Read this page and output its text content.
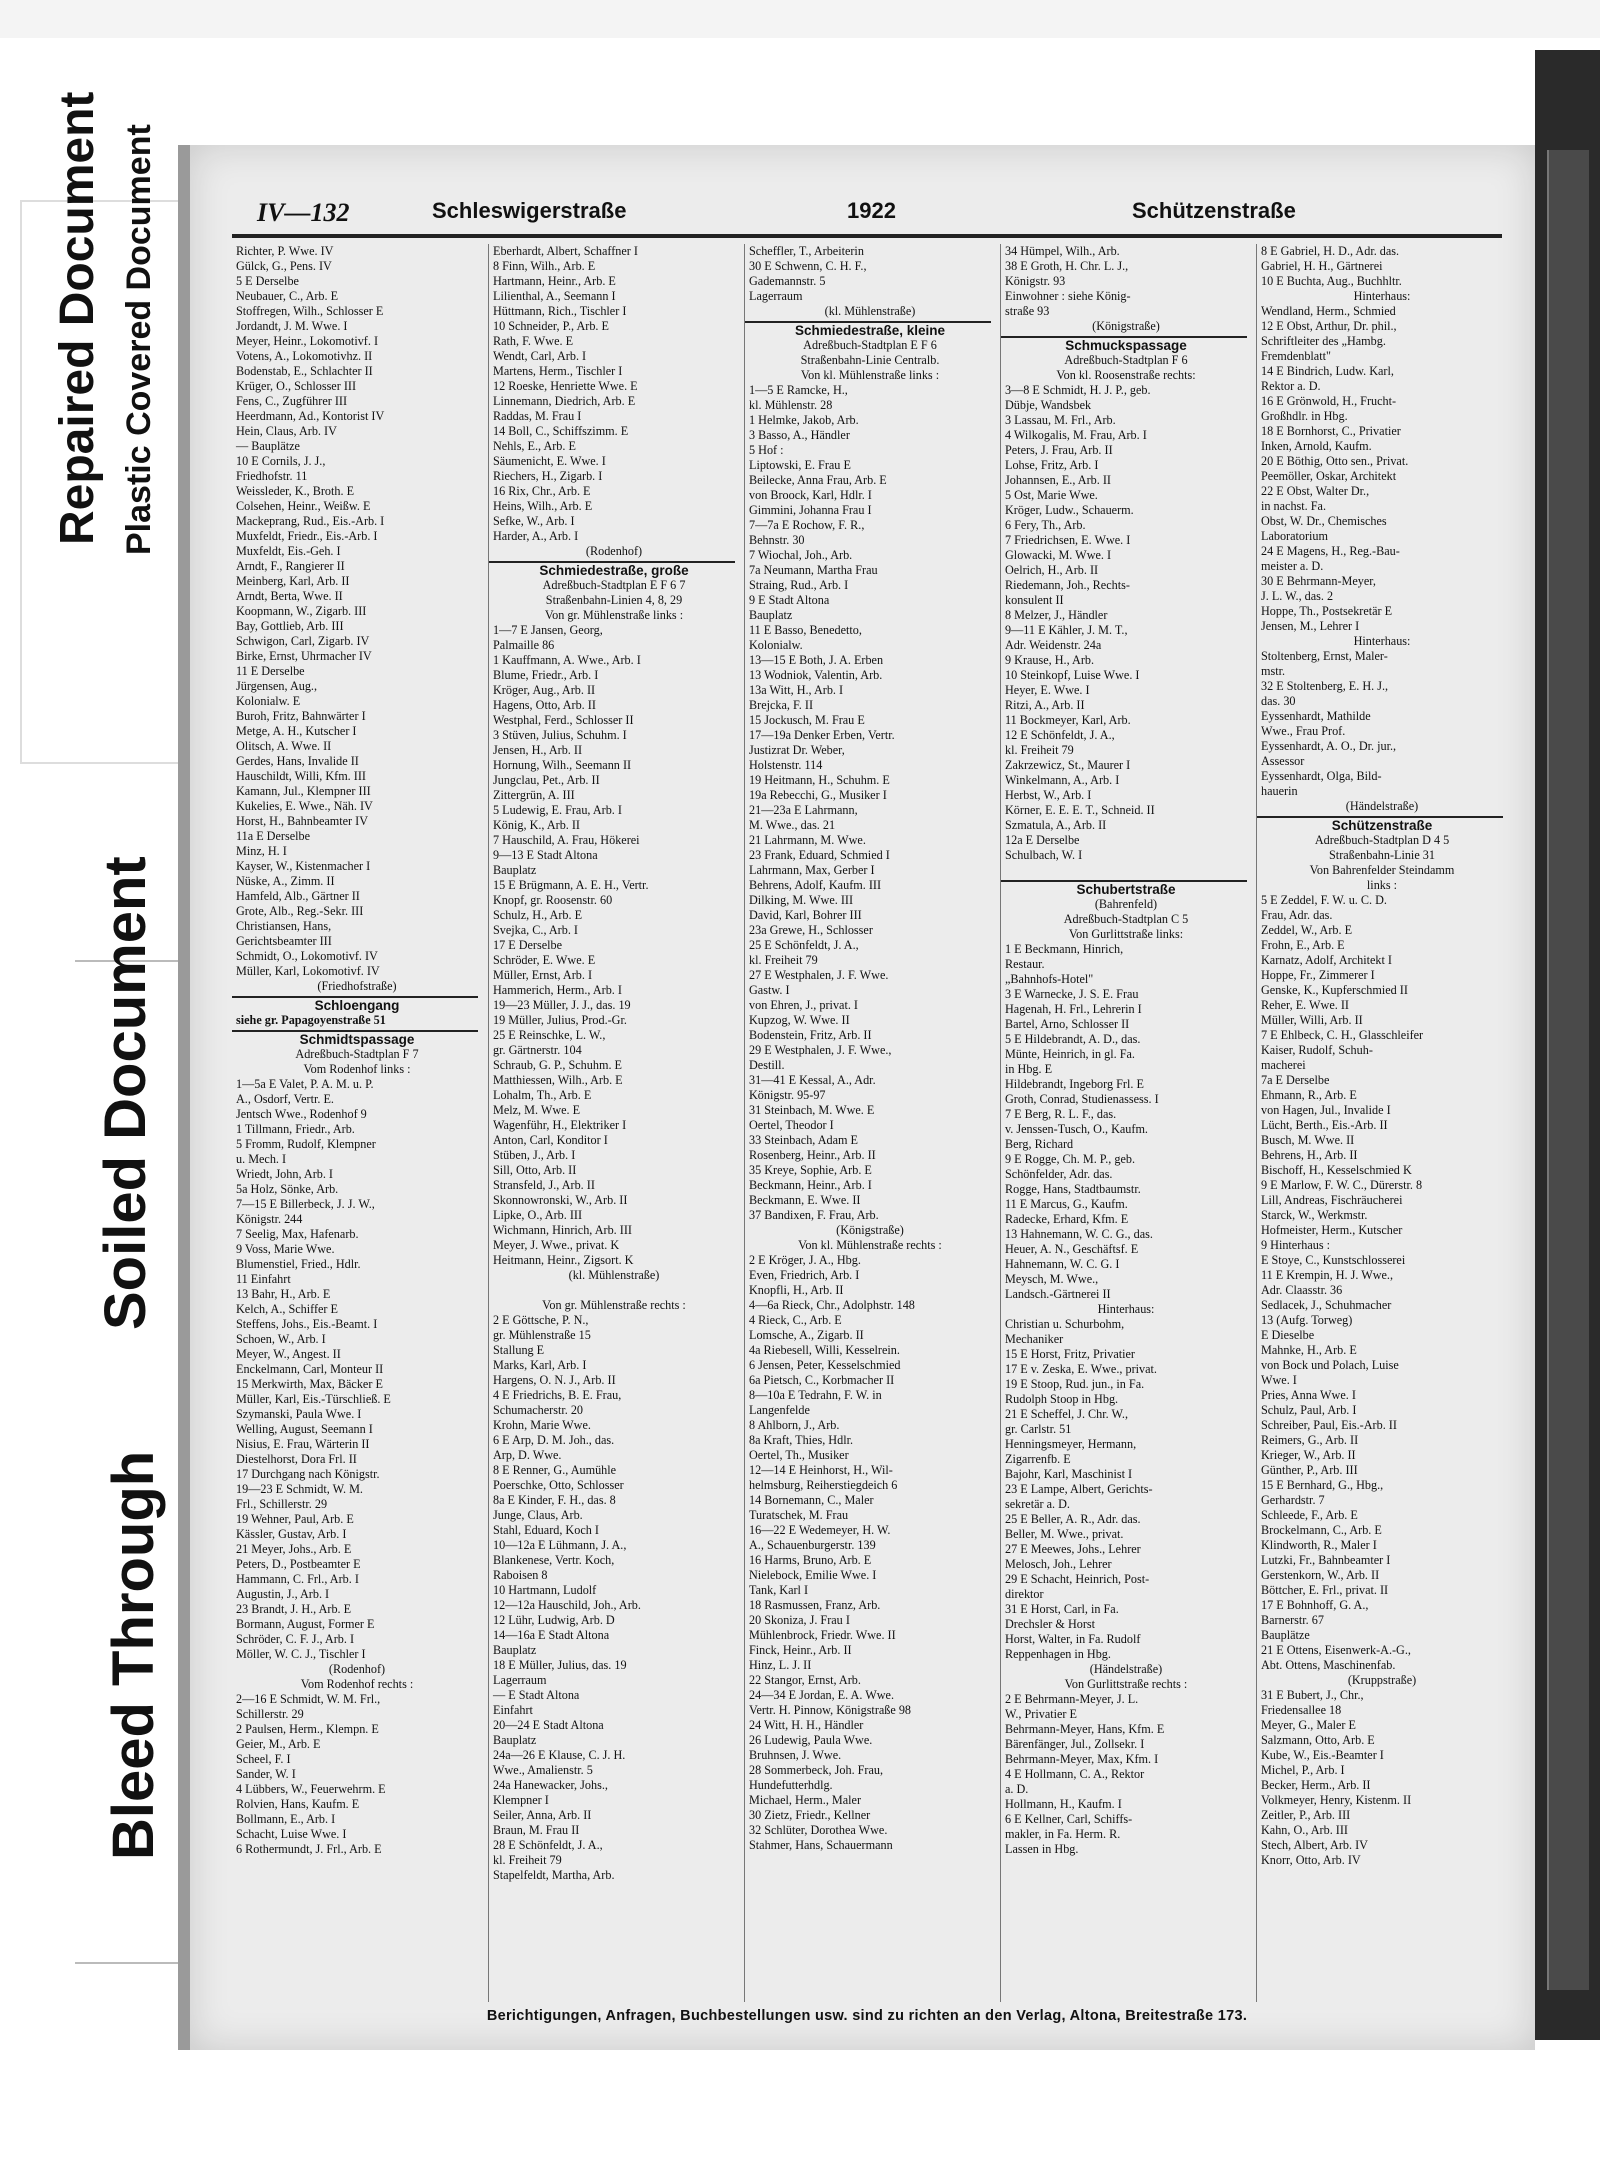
Repaired Document Plastic Covered Document
Soiled Document
Bleed Through
IV—132	Schleswigerstraße	1922	Schützenstraße
Richter, P. Wwe. IV
Gülck, G., Pens. IV
5 E Derselbe
Neubauer, C., Arb. E
Stoffregen, Wilh., Schlosser E
Jordandt, J. M. Wwe. I
Meyer, Heinr., Lokomotivf. I
Votens, A., Lokomotivhz. II
Bodenstab, E., Schlachter II
Krüger, O., Schlosser III
Fens, C., Zugführer III
Heerdmann, Ad., Kontorist IV
Hein, Claus, Arb. IV
— Bauplätze
10 E Cornils, J. J.,
Friedhofstr. 11
Weissleder, K., Broth. E
Colsehen, Heinr., Weißw. E
Mackeprang, Rud., Eis.-Arb. I
Muxfeldt, Friedr., Eis.-Arb. I
Muxfeldt, Eis.-Geh. I
Arndt, F., Rangierer II
Meinberg, Karl, Arb. II
Arndt, Berta, Wwe. II
Koopmann, W., Zigarb. III
Bay, Gottlieb, Arb. III
Schwigon, Carl, Zigarb. IV
Birke, Ernst, Uhrmacher IV
11 E Derselbe
Jürgensen, Aug.,
Kolonialw. E
Buroh, Fritz, Bahnwärter I
Metge, A. H., Kutscher I
Olitsch, A. Wwe. II
Gerdes, Hans, Invalide II
Hauschildt, Willi, Kfm. III
Kamann, Jul., Klempner III
Kukelies, E. Wwe., Näh. IV
Horst, H., Bahnbeamter IV
11a E Derselbe
Minz, H. I
Kayser, W., Kistenmacher I
Nüske, A., Zimm. II
Hamfeld, Alb., Gärtner II
Grote, Alb., Reg.-Sekr. III
Christiansen, Hans,
Gerichtsbeamter III
Schmidt, O., Lokomotivf. IV
Müller, Karl, Lokomotivf. IV
(Friedhofstraße)
Schloengang
siehe gr. Papagoyenstraße 51
Schmidtspassage
Adreßbuch-Stadtplan F 7
Vom Rodenhof links :
1—5a E Valet, P. A. M. u. P.
A., Osdorf, Vertr. E.
Jentsch Wwe., Rodenhof 9
1 Tillmann, Friedr., Arb.
5 Fromm, Rudolf, Klempner
u. Mech. I
Wriedt, John, Arb. I
5a Holz, Sönke, Arb.
7—15 E Billerbeck, J. J. W.,
Königstr. 244
7 Seelig, Max, Hafenarb.
9 Voss, Marie Wwe.
Blumenstiel, Fried., Hdlr.
11 Einfahrt
13 Bahr, H., Arb. E
Kelch, A., Schiffer E
Steffens, Johs., Eis.-Beamt. I
Schoen, W., Arb. I
Meyer, W., Angest. II
Enckelmann, Carl, Monteur II
15 Merkwirth, Max, Bäcker E
Müller, Karl, Eis.-Türschließ. E
Szymanski, Paula Wwe. I
Welling, August, Seemann I
Nisius, E. Frau, Wärterin II
Diestelhorst, Dora Frl. II
17 Durchgang nach Königstr.
19—23 E Schmidt, W. M.
Frl., Schillerstr. 29
19 Wehner, Paul, Arb. E
Kässler, Gustav, Arb. I
21 Meyer, Johs., Arb. E
Peters, D., Postbeamter E
Hammann, C. Frl., Arb. I
Augustin, J., Arb. I
23 Brandt, J. H., Arb. E
Bormann, August, Former E
Schröder, C. F. J., Arb. I
Möller, W. C. J., Tischler I
(Rodenhof)
Vom Rodenhof rechts :
2—16 E Schmidt, W. M. Frl.,
Schillerstr. 29
2 Paulsen, Herm., Klempn. E
Geier, M., Arb. E
Scheel, F. I
Sander, W. I
4 Lübbers, W., Feuerwehrm. E
Rolvien, Hans, Kaufm. E
Bollmann, E., Arb. I
Schacht, Luise Wwe. I
6 Rothermundt, J. Frl., Arb. E
Eberhardt, Albert, Schaffner I
8 Finn, Wilh., Arb. E
Hartmann, Heinr., Arb. E
Lilienthal, A., Seemann I
Hüttmann, Rich., Tischler I
10 Schneider, P., Arb. E
Rath, F. Wwe. E
Wendt, Carl, Arb. I
Martens, Herm., Tischler I
12 Roeske, Henriette Wwe. E
Linnemann, Diedrich, Arb. E
Raddas, M. Frau I
14 Boll, C., Schiffszimm. E
Nehls, E., Arb. E
Säumenicht, E. Wwe. I
Riechers, H., Zigarb. I
16 Rix, Chr., Arb. E
Heins, Wilh., Arb. E
Sefke, W., Arb. I
Harder, A., Arb. I
(Rodenhof)
Schmiedestraße, große
Adreßbuch-Stadtplan E F 6 7
Straßenbahn-Linien 4, 8, 29
Von gr. Mühlenstraße links :
1—7 E Jansen, Georg,
Palmaille 86
1 Kauffmann, A. Wwe., Arb. I
Blume, Friedr., Arb. I
Kröger, Aug., Arb. II
Hagens, Otto, Arb. II
Westphal, Ferd., Schlosser II
3 Stüven, Julius, Schuhm. I
Jensen, H., Arb. II
Hornung, Wilh., Seemann II
Jungclau, Pet., Arb. II
Zittergrün, A. III
5 Ludewig, E. Frau, Arb. I
König, K., Arb. II
7 Hauschild, A. Frau, Hökerei
9—13 E Stadt Altona
Bauplatz
15 E Brügmann, A. E. H., Vertr.
Knopf, gr. Roosenstr. 60
Schulz, H., Arb. E
Svejka, C., Arb. I
17 E Derselbe
Schröder, E. Wwe. E
Müller, Ernst, Arb. I
Hammerich, Herm., Arb. I
19—23 Müller, J. J., das. 19
19 Müller, Julius, Prod.-Gr.
25 E Reinschke, L. W.,
gr. Gärtnerstr. 104
Schraub, G. P., Schuhm. E
Matthiessen, Wilh., Arb. E
Lohalm, Th., Arb. E
Melz, M. Wwe. E
Wagenführ, H., Elektriker I
Anton, Carl, Konditor I
Stüben, J., Arb. I
Sill, Otto, Arb. II
Stransfeld, J., Arb. II
Skonnowronski, W., Arb. II
Lipke, O., Arb. III
Wichmann, Hinrich, Arb. III
Meyer, J. Wwe., privat. K
Heitmann, Heinr., Zigsort. K
(kl. Mühlenstraße)
Von gr. Mühlenstraße rechts :
2 E Göttsche, P. N.,
gr. Mühlenstraße 15
Stallung E
Marks, Karl, Arb. I
Hargens, O. N. J., Arb. II
4 E Friedrichs, B. E. Frau,
Schumacherstr. 20
Krohn, Marie Wwe.
6 E Arp, D. M. Joh., das.
Arp, D. Wwe.
8 E Renner, G., Aumühle
Poerschke, Otto, Schlosser
8a E Kinder, F. H., das. 8
Junge, Claus, Arb.
Stahl, Eduard, Koch I
10—12a E Lühmann, J. A.,
Blankenese, Vertr. Koch,
Raboisen 8
10 Hartmann, Ludolf
12—12a Hauschild, Joh., Arb.
12 Lühr, Ludwig, Arb. D
14—16a E Stadt Altona
Bauplatz
18 E Müller, Julius, das. 19
Lagerraum
— E Stadt Altona
Einfahrt
20—24 E Stadt Altona
Bauplatz
24a—26 E Klause, C. J. H.
Wwe., Amalienstr. 5
24a Hanewacker, Johs.,
Klempner I
Seiler, Anna, Arb. II
Braun, M. Frau II
28 E Schönfeldt, J. A.,
kl. Freiheit 79
Stapelfeldt, Martha, Arb.
Scheffler, T., Arbeiterin
30 E Schwenn, C. H. F.,
Gademannstr. 5
Lagerraum
(kl. Mühlenstraße)
Schmiedestraße, kleine
Adreßbuch-Stadtplan E F 6
Straßenbahn-Linie Centralb.
Von kl. Mühlenstraße links :
1—5 E Ramcke, H.,
kl. Mühlenstr. 28
1 Helmke, Jakob, Arb.
3 Basso, A., Händler
5 Hof :
Liptowski, E. Frau E
Beilecke, Anna Frau, Arb. E
von Broock, Karl, Hdlr. I
Gimmini, Johanna Frau I
7—7a E Rochow, F. R.,
Behnstr. 30
7 Wiochal, Joh., Arb.
7a Neumann, Martha Frau
Straing, Rud., Arb. I
9 E Stadt Altona
Bauplatz
11 E Basso, Benedetto,
Kolonialw.
13—15 E Both, J. A. Erben
13 Wodniok, Valentin, Arb.
13a Witt, H., Arb. I
Brejcka, F. II
15 Jockusch, M. Frau E
17—19a Denker Erben, Vertr.
Justizrat Dr. Weber,
Holstenstr. 114
19 Heitmann, H., Schuhm. E
19a Rebecchi, G., Musiker I
21—23a E Lahrmann,
M. Wwe., das. 21
21 Lahrmann, M. Wwe.
23 Frank, Eduard, Schmied I
Lahrmann, Max, Gerber I
Behrens, Adolf, Kaufm. III
Dilking, M. Wwe. III
David, Karl, Bohrer III
23a Grewe, H., Schlosser
25 E Schönfeldt, J. A.,
kl. Freiheit 79
27 E Westphalen, J. F. Wwe.
Gastw. I
von Ehren, J., privat. I
Kupzog, W. Wwe. II
Bodenstein, Fritz, Arb. II
29 E Westphalen, J. F. Wwe.,
Destill.
31—41 E Kessal, A., Adr.
Königstr. 95-97
31 Steinbach, M. Wwe. E
Oertel, Theodor I
33 Steinbach, Adam E
Rosenberg, Heinr., Arb. II
35 Kreye, Sophie, Arb. E
Beckmann, Heinr., Arb. I
Beckmann, E. Wwe. II
37 Bandixen, F. Frau, Arb.
(Königstraße)
Von kl. Mühlenstraße rechts :
2 E Kröger, J. A., Hbg.
Even, Friedrich, Arb. I
Knopfli, H., Arb. II
4—6a Rieck, Chr., Adolphstr. 148
4 Rieck, C., Arb. E
Lomsche, A., Zigarb. II
4a Riebesell, Willi, Kesselrein.
6 Jensen, Peter, Kesselschmied
6a Pietsch, C., Korbmacher II
8—10a E Tedrahn, F. W. in
Langenfelde
8 Ahlborn, J., Arb.
8a Kraft, Thies, Hdlr.
Oertel, Th., Musiker
12—14 E Heinhorst, H., Wil-
helmsburg, Reiherstiegdeich 6
14 Bornemann, C., Maler
Turatschek, M. Frau
16—22 E Wedemeyer, H. W.
A., Schauenburgerstr. 139
16 Harms, Bruno, Arb. E
Nielebock, Emilie Wwe. I
Tank, Karl I
18 Rasmussen, Franz, Arb.
20 Skoniza, J. Frau I
Mühlenbrock, Friedr. Wwe. II
Finck, Heinr., Arb. II
Hinz, L. J. II
22 Stangor, Ernst, Arb.
24—34 E Jordan, E. A. Wwe.
Vertr. H. Pinnow, Königstraße 98
24 Witt, H. H., Händler
26 Ludewig, Paula Wwe.
Bruhnsen, J. Wwe.
28 Sommerbeck, Joh. Frau,
Hundefutterhdlg.
Michael, Herm., Maler
30 Zietz, Friedr., Kellner
32 Schlüter, Dorothea Wwe.
Stahmer, Hans, Schauermann
34 Hümpel, Wilh., Arb.
38 E Groth, H. Chr. L. J.,
Königstr. 93
Einwohner : siehe König-
straße 93
(Königstraße)
Schmuckspassage
Adreßbuch-Stadtplan F 6
Von kl. Roosenstraße rechts:
3—8 E Schmidt, H. J. P., geb.
Dübje, Wandsbek
3 Lassau, M. Frl., Arb.
4 Wilkogalis, M. Frau, Arb. I
Peters, J. Frau, Arb. II
Lohse, Fritz, Arb. I
Johannsen, E., Arb. II
5 Ost, Marie Wwe.
Kröger, Ludw., Schauerm.
6 Fery, Th., Arb.
7 Friedrichsen, E. Wwe. I
Glowacki, M. Wwe. I
Oelrich, H., Arb. II
Riedemann, Joh., Rechts-
konsulent II
8 Melzer, J., Händler
9—11 E Kähler, J. M. T.,
Adr. Weidenstr. 24a
9 Krause, H., Arb.
10 Steinkopf, Luise Wwe. I
Heyer, E. Wwe. I
Ritzi, A., Arb. II
11 Bockmeyer, Karl, Arb.
12 E Schönfeldt, J. A.,
kl. Freiheit 79
Zakrzewicz, St., Maurer I
Winkelmann, A., Arb. I
Herbst, W., Arb. I
Körner, E. E. E. T., Schneid. II
Szmatula, A., Arb. II
12a E Derselbe
Schulbach, W. I
Schubertstraße
(Bahrenfeld)
Adreßbuch-Stadtplan C 5
Von Gurlittstraße links:
1 E Beckmann, Hinrich,
Restaur.
„Bahnhofs-Hotel"
3 E Warnecke, J. S. E. Frau
Hagenah, H. Frl., Lehrerin I
Bartel, Arno, Schlosser II
5 E Hildebrandt, A. D., das.
Münte, Heinrich, in gl. Fa.
in Hbg. E
Hildebrandt, Ingeborg Frl. E
Groth, Conrad, Studienassess. I
7 E Berg, R. L. F., das.
v. Jenssen-Tusch, O., Kaufm.
Berg, Richard
9 E Rogge, Ch. M. P., geb.
Schönfelder, Adr. das.
Rogge, Hans, Stadtbaumstr.
11 E Marcus, G., Kaufm.
Radecke, Erhard, Kfm. E
13 Hahnemann, W. C. G., das.
Heuer, A. N., Geschäftsf. E
Hahnemann, W. C. G. I
Meysch, M. Wwe.,
Landsch.-Gärtnerei II
Hinterhaus:
Christian u. Schurbohm,
Mechaniker
15 E Horst, Fritz, Privatier
17 E v. Zeska, E. Wwe., privat.
19 E Stoop, Rud. jun., in Fa.
Rudolph Stoop in Hbg.
21 E Scheffel, J. Chr. W.,
gr. Carlstr. 51
Henningsmeyer, Hermann,
Zigarrenfb. E
Bajohr, Karl, Maschinist I
23 E Lampe, Albert, Gerichts-
sekretär a. D.
25 E Beller, A. R., Adr. das.
Beller, M. Wwe., privat.
27 E Meewes, Johs., Lehrer
Melosch, Joh., Lehrer
29 E Schacht, Heinrich, Post-
direktor
31 E Horst, Carl, in Fa.
Drechsler & Horst
Horst, Walter, in Fa. Rudolf
Reppenhagen in Hbg.
(Händelstraße)
Von Gurlittstraße rechts :
2 E Behrmann-Meyer, J. L.
W., Privatier E
Behrmann-Meyer, Hans, Kfm. E
Bärenfänger, Jul., Zollsekr. I
Behrmann-Meyer, Max, Kfm. I
4 E Hollmann, C. A., Rektor
a. D.
Hollmann, H., Kaufm. I
6 E Kellner, Carl, Schiffs-
makler, in Fa. Herm. R.
Lassen in Hbg.
8 E Gabriel, H. D., Adr. das.
Gabriel, H. H., Gärtnerei
10 E Buchta, Aug., Buchhltr.
Hinterhaus:
Wendland, Herm., Schmied
12 E Obst, Arthur, Dr. phil.,
Schriftleiter des „Hambg.
Fremdenblatt"
14 E Bindrich, Ludw. Karl,
Rektor a. D.
16 E Grönwold, H., Frucht-
Großhdlr. in Hbg.
18 E Bornhorst, C., Privatier
Inken, Arnold, Kaufm.
20 E Böthig, Otto sen., Privat.
Peemöller, Oskar, Architekt
22 E Obst, Walter Dr.,
in nachst. Fa.
Obst, W. Dr., Chemisches
Laboratorium
24 E Magens, H., Reg.-Bau-
meister a. D.
30 E Behrmann-Meyer,
J. L. W., das. 2
Hoppe, Th., Postsekretär E
Jensen, M., Lehrer I
Hinterhaus:
Stoltenberg, Ernst, Maler-
mstr.
32 E Stoltenberg, E. H. J.,
das. 30
Eyssenhardt, Mathilde
Wwe., Frau Prof.
Eyssenhardt, A. O., Dr. jur.,
Assessor
Eyssenhardt, Olga, Bild-
hauerin
(Händelstraße)
Schützenstraße
Adreßbuch-Stadtplan D 4 5
Straßenbahn-Linie 31
Von Bahrenfelder Steindamm
links :
5 E Zeddel, F. W. u. C. D.
Frau, Adr. das.
Zeddel, W., Arb. E
Frohn, E., Arb. E
Karnatz, Adolf, Architekt I
Hoppe, Fr., Zimmerer I
Genske, K., Kupferschmied II
Reher, E. Wwe. II
Müller, Willi, Arb. II
7 E Ehlbeck, C. H., Glasschleifer
Kaiser, Rudolf, Schuh-
macherei
7a E Derselbe
Ehmann, R., Arb. E
von Hagen, Jul., Invalide I
Lücht, Berth., Eis.-Arb. II
Busch, M. Wwe. II
Behrens, H., Arb. II
Bischoff, H., Kesselschmied K
9 E Marlow, F. W. C., Dürerstr. 8
Lill, Andreas, Fischräucherei
Starck, W., Werkmstr.
Hofmeister, Herm., Kutscher
9 Hinterhaus :
E Stoye, C., Kunstschlosserei
11 E Krempin, H. J. Wwe.,
Adr. Claasstr. 36
Sedlacek, J., Schuhmacher
13 (Aufg. Torweg)
E Dieselbe
Mahnke, H., Arb. E
von Bock und Polach, Luise
Wwe. I
Pries, Anna Wwe. I
Schulz, Paul, Arb. I
Schreiber, Paul, Eis.-Arb. II
Reimers, G., Arb. II
Krieger, W., Arb. II
Günther, P., Arb. III
15 E Bernhard, G., Hbg.,
Gerhardstr. 7
Schleede, F., Arb. E
Brockelmann, C., Arb. E
Klindworth, R., Maler I
Lutzki, Fr., Bahnbeamter I
Gerstenkorn, W., Arb. II
Böttcher, E. Frl., privat. II
17 E Bohnhoff, G. A.,
Barnerstr. 67
Bauplätze
21 E Ottens, Eisenwerk-A.-G.,
Abt. Ottens, Maschinenfab.
(Kruppstraße)
31 E Bubert, J., Chr.,
Friedensallee 18
Meyer, G., Maler E
Salzmann, Otto, Arb. E
Kube, W., Eis.-Beamter I
Michel, P., Arb. I
Becker, Herm., Arb. II
Volkmeyer, Henry, Kistenm. II
Zeitler, P., Arb. III
Kahn, O., Arb. III
Stech, Albert, Arb. IV
Knorr, Otto, Arb. IV
Berichtigungen, Anfragen, Buchbestellungen usw. sind zu richten an den Verlag, Altona, Breitestraße 173.
